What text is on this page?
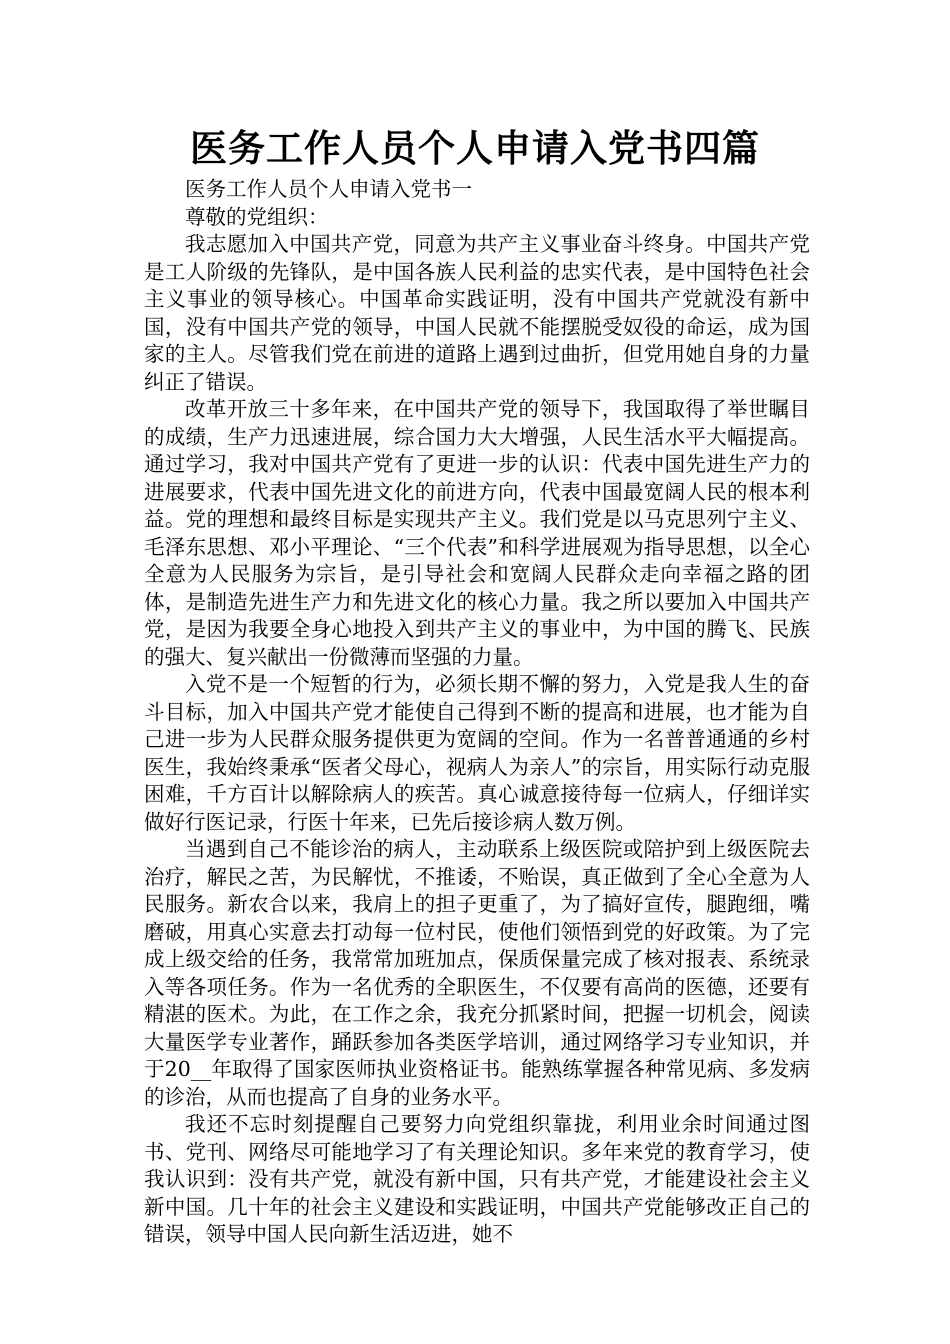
医务工作人员个人申请入党书四篇

医务工作人员个人申请入党书一

尊敬的党组织：

我志愿加入中国共产党，同意为共产主义事业奋斗终身。中国共产党是工人阶级的先锋队，是中国各族人民利益的忠实代表，是中国特色社会主义事业的领导核心。中国革命实践证明，没有中国共产党就没有新中国，没有中国共产党的领导，中国人民就不能摆脱受奴役的命运，成为国家的主人。尽管我们党在前进的道路上遇到过曲折，但党用她自身的力量纠正了错误。

改革开放三十多年来，在中国共产党的领导下，我国取得了举世瞩目的成绩，生产力迅速进展，综合国力大大增强，人民生活水平大幅提高。通过学习，我对中国共产党有了更进一步的认识：代表中国先进生产力的进展要求，代表中国先进文化的前进方向，代表中国最宽阔人民的根本利益。党的理想和最终目标是实现共产主义。我们党是以马克思列宁主义、毛泽东思想、邓小平理论、“三个代表”和科学进展观为指导思想，以全心全意为人民服务为宗旨，是引导社会和宽阔人民群众走向幸福之路的团体，是制造先进生产力和先进文化的核心力量。我之所以要加入中国共产党，是因为我要全身心地投入到共产主义的事业中，为中国的腾飞、民族的强大、复兴献出一份微薄而坚强的力量。

入党不是一个短暂的行为，必须长期不懈的努力，入党是我人生的奋斗目标，加入中国共产党才能使自己得到不断的提高和进展，也才能为自己进一步为人民群众服务提供更为宽阔的空间。作为一名普普通通的乡村医生，我始终秉承“医者父母心，视病人为亲人”的宗旨，用实际行动克服困难，千方百计以解除病人的疾苦。真心诚意接待每一位病人，仔细详实做好行医记录，行医十年来，已先后接诊病人数万例。

当遇到自己不能诊治的病人，主动联系上级医院或陪护到上级医院去治疗，解民之苦，为民解忧，不推诿，不贻误，真正做到了全心全意为人民服务。新农合以来，我肩上的担子更重了，为了搞好宣传，腿跑细，嘴磨破，用真心实意去打动每一位村民，使他们领悟到党的好政策。为了完成上级交给的任务，我常常加班加点，保质保量完成了核对报表、系统录入等各项任务。作为一名优秀的全职医生，不仅要有高尚的医德，还要有精湛的医术。为此，在工作之余，我充分抓紧时间，把握一切机会，阅读大量医学专业著作，踊跃参加各类医学培训，通过网络学习专业知识，并于20__年取得了国家医师执业资格证书。能熟练掌握各种常见病、多发病的诊治，从而也提高了自身的业务水平。

我还不忘时刻提醒自己要努力向党组织靠拢，利用业余时间通过图书、党刊、网络尽可能地学习了有关理论知识。多年来党的教育学习，使我认识到：没有共产党，就没有新中国，只有共产党，才能建设社会主义新中国。几十年的社会主义建设和实践证明，中国共产党能够改正自己的错误，领导中国人民向新生活迈进，她不
